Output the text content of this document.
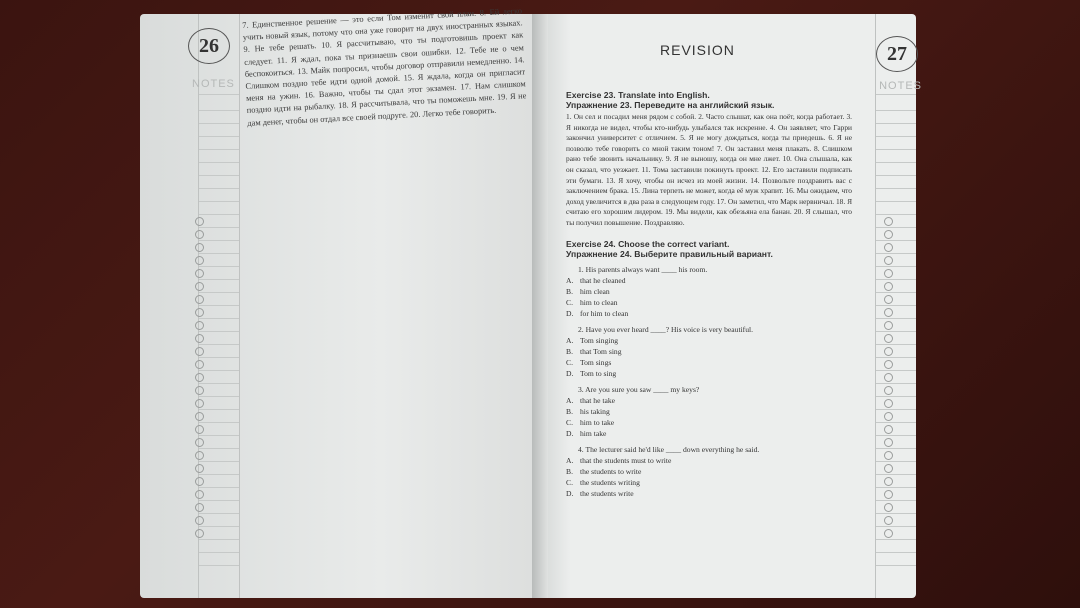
26
NOTES
7. Единственное решение — это если Том изменит свой план. 8. Ей легко учить новый язык, потому что она уже говорит на двух иностранных языках. 9. Не тебе решать. 10. Я рассчитываю, что ты подготовишь проект как следует. 11. Я ждал, пока ты признаешь свои ошибки. 12. Тебе не о чем беспокоиться. 13. Майк попросил, чтобы договор отправили немедленно. 14. Слишком поздно тебе идти одной домой. 15. Я ждала, когда он пригласит меня на ужин. 16. Важно, чтобы ты сдал этот экзамен. 17. Нам слишком поздно идти на рыбалку. 18. Я рассчитывала, что ты поможешь мне. 19. Я не дам денег, чтобы он отдал все своей подруге. 20. Легко тебе говорить.
27
NOTES
REVISION
Exercise 23. Translate into English.
Упражнение 23. Переведите на английский язык.
1. Он сел и посадил меня рядом с собой. 2. Часто слышат, как она поёт, когда работает. 3. Я никогда не видел, чтобы кто-нибудь улыбался так искренне. 4. Он заявляет, что Гарри закончил университет с отличием. 5. Я не могу дождаться, когда ты приедешь. 6. Я не позволю тебе говорить со мной таким тоном! 7. Он заставил меня плакать. 8. Слишком рано тебе звонить начальнику. 9. Я не выношу, когда он мне лжет. 10. Она слышала, как он сказал, что уезжает. 11. Тома заставили покинуть проект. 12. Его заставили подписать эти бумаги. 13. Я хочу, чтобы он исчез из моей жизни. 14. Позвольте поздравить вас с заключением брака. 15. Лина терпеть не может, когда её муж храпит. 16. Мы ожидаем, что доход увеличится в два раза в следующем году. 17. Он заметил, что Марк нервничал. 18. Я считаю его хорошим лидером. 19. Мы видели, как обезьяна ела банан. 20. Я слышал, что ты получил повышение. Поздравляю.
Exercise 24. Choose the correct variant.
Упражнение 24. Выберите правильный вариант.
1. His parents always want ____ his room.
A. that he cleaned
B. him clean
C. him to clean
D. for him to clean
2. Have you ever heard ____? His voice is very beautiful.
A. Tom singing
B. that Tom sing
C. Tom sings
D. Tom to sing
3. Are you sure you saw ____ my keys?
A. that he take
B. his taking
C. him to take
D. him take
4. The lecturer said he'd like ____ down everything he said.
A. that the students must to write
B. the students to write
C. the students writing
D. the students write
